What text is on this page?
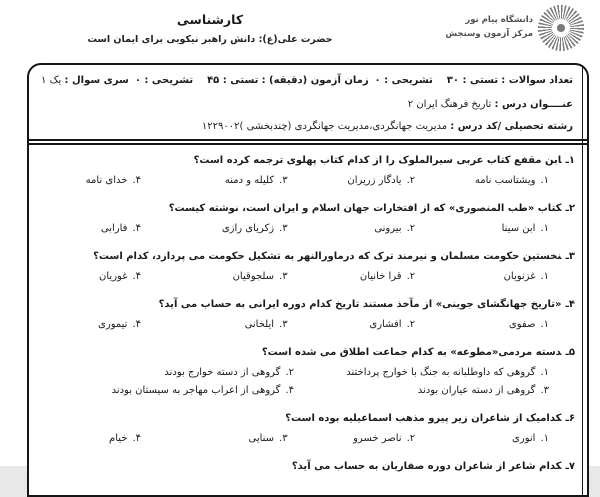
کارشناسی
حضرت علی(ع): دانش راهبر نیکویی برای ایمان است
دانشگاه پیام نور
مرکز آزمون وسنجش
تعداد سوالات : تستی : ۳۰    تشریحی : ۰
زمان آزمون (دقیقه) : تستی : ۴۵    تشریحی : ۰
سری سوال : یک ۱
عنــــوان درس : تاریخ فرهنگ ایران ۲
رشته تحصیلی /کد درس : مدیریت جهانگردی،مدیریت جهانگردی (چندبخشی )۱۲۲۹۰۰۲
۱ـابن مقفع کتاب عربی سیرالملوک را از کدام کتاب پهلوی ترجمه کرده است؟
۱.ویشتاسب نامه
۲.یادگار زریران
۳.کلیله و دمنه
۴.خدای نامه
۲ـکتاب «طب المنصوری» که از افتخارات جهان اسلام و ایران است، نوشته کیست؟
۱.ابن سینا
۲.بیرونی
۳.زکریای رازی
۴.فارابی
۳ـنخستین حکومت مسلمان و نیرمند ترک که درماورالنهر به تشکیل حکومت می پردازد، کدام است؟
۱.غزنویان
۲.قرا خانیان
۳.سلجوقیان
۴.غوریان
۴ـ«تاریخ جهانگشای جوینی» از مآخذ مستند تاریخ کدام دوره ایرانی به حساب می آید؟
۱.صفوی
۲.افشاری
۳.ایلخانی
۴.تیموری
۵ـدسته مردمی«مطوعه» به کدام جماعت اطلاق می شده است؟
۱.گروهی که داوطلبانه به جنگ با خوارج پرداختند
۲.گروهی از دسته خوارج بودند
۳.گروهی از دسته عیاران بودند
۴.گروهی از اعراب مهاجر به سیستان بودند
۶ـکدامیک از شاعران زیر پیرو مذهب اسماعیلیه بوده است؟
۱.انوری
۲.ناصر خسرو
۳.سنایی
۴.خیام
۷ـکدام شاعر از شاعران دوره صفاریان به حساب می آید؟
